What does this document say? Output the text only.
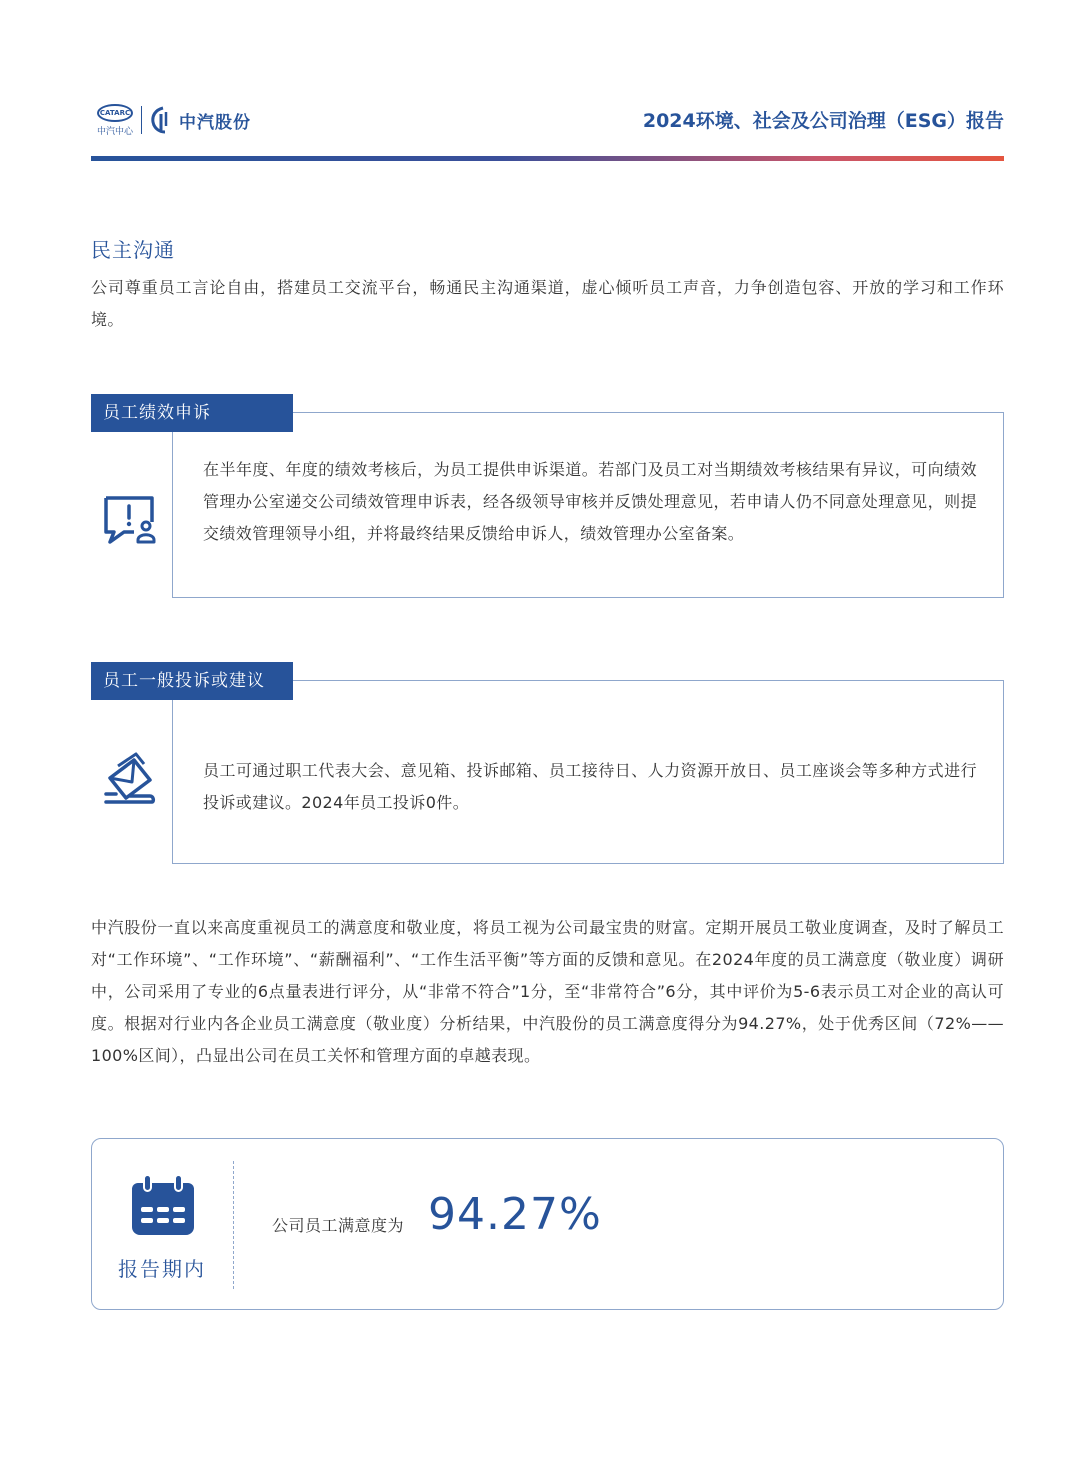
CATARC
中汽中心	中汽股份	2024环境、社会及公司治理（ESG）报告
民主沟通
公司尊重员工言论自由，搭建员工交流平台，畅通民主沟通渠道，虚心倾听员工声音，力争创造包容、开放的学习和工作环境。
在半年度、年度的绩效考核后，为员工提供申诉渠道。若部门及员工对当期绩效考核结果有异议，可向绩效管理办公室递交公司绩效管理申诉表，经各级领导审核并反馈处理意见，若申请人仍不同意处理意见，则提交绩效管理领导小组，并将最终结果反馈给申诉人，绩效管理办公室备案。
员工绩效申诉
员工可通过职工代表大会、意见箱、投诉邮箱、员工接待日、人力资源开放日、员工座谈会等多种方式进行投诉或建议。2024年员工投诉0件。
员工一般投诉或建议
中汽股份一直以来高度重视员工的满意度和敬业度，将员工视为公司最宝贵的财富。定期开展员工敬业度调查，及时了解员工对“工作环境”、“工作环境”、“薪酬福利”、“工作生活平衡”等方面的反馈和意见。在2024年度的员工满意度（敬业度）调研中，公司采用了专业的6点量表进行评分，从“非常不符合”1分，至“非常符合”6分，其中评价为5-6表示员工对企业的高认可度。根据对行业内各企业员工满意度（敬业度）分析结果，中汽股份的员工满意度得分为94.27%，处于优秀区间（72%——100%区间），凸显出公司在员工关怀和管理方面的卓越表现。
报告期内
公司员工满意度为 94.27%
